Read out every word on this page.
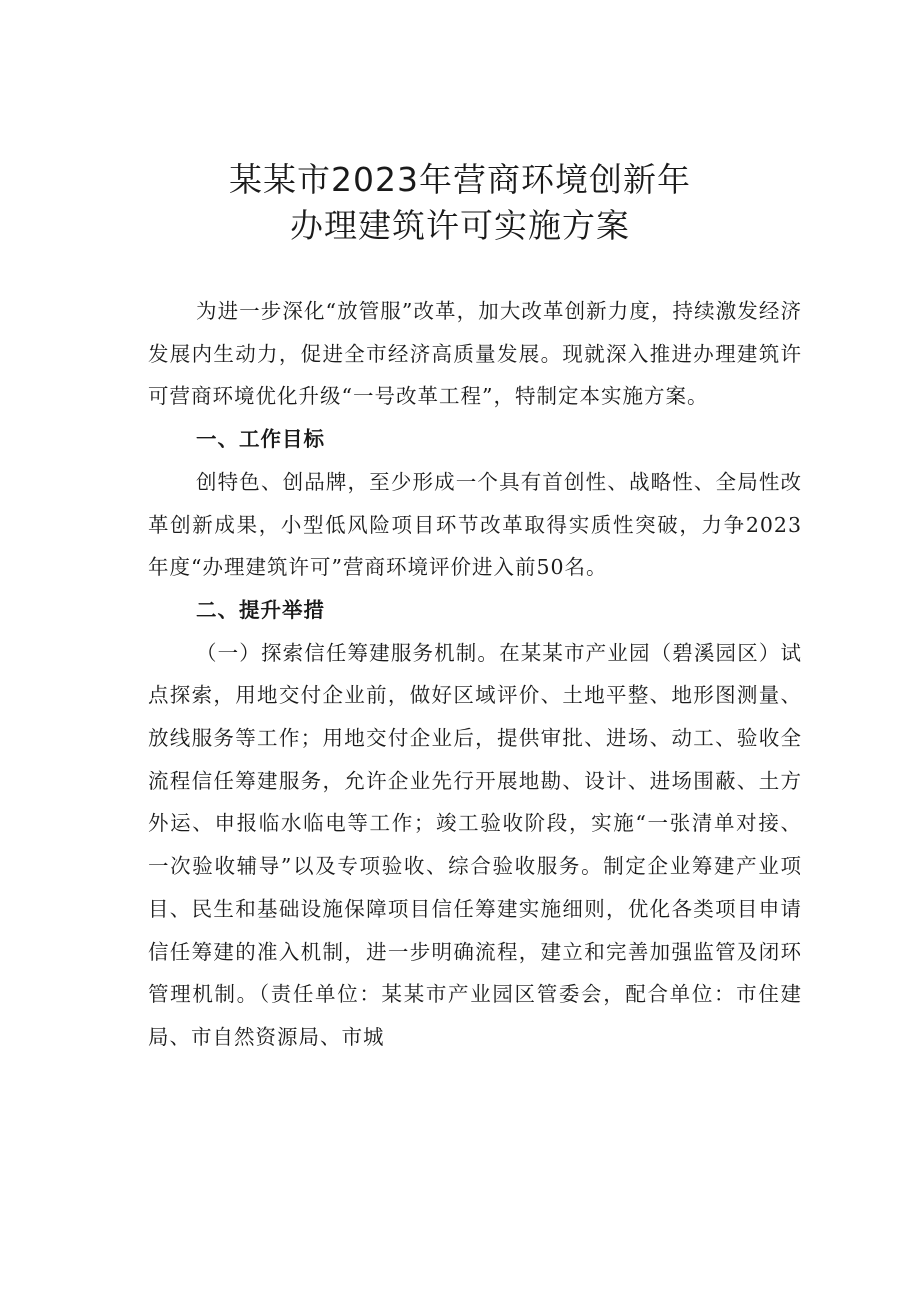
某某市2023年营商环境创新年
办理建筑许可实施方案

为进一步深化“放管服”改革，加大改革创新力度，持续激发经济发展内生动力，促进全市经济高质量发展。现就深入推进办理建筑许可营商环境优化升级“一号改革工程”，特制定本实施方案。

一、工作目标

创特色、创品牌，至少形成一个具有首创性、战略性、全局性改革创新成果，小型低风险项目环节改革取得实质性突破，力争2023年度“办理建筑许可”营商环境评价进入前50名。

二、提升举措

（一）探索信任筹建服务机制。在某某市产业园（碧溪园区）试点探索，用地交付企业前，做好区域评价、土地平整、地形图测量、放线服务等工作；用地交付企业后，提供审批、进场、动工、验收全流程信任筹建服务，允许企业先行开展地勘、设计、进场围蔽、土方外运、申报临水临电等工作；竣工验收阶段，实施“一张清单对接、一次验收辅导”以及专项验收、综合验收服务。制定企业筹建产业项目、民生和基础设施保障项目信任筹建实施细则，优化各类项目申请信任筹建的准入机制，进一步明确流程，建立和完善加强监管及闭环管理机制。（责任单位：某某市产业园区管委会，配合单位：市住建局、市自然资源局、市城
